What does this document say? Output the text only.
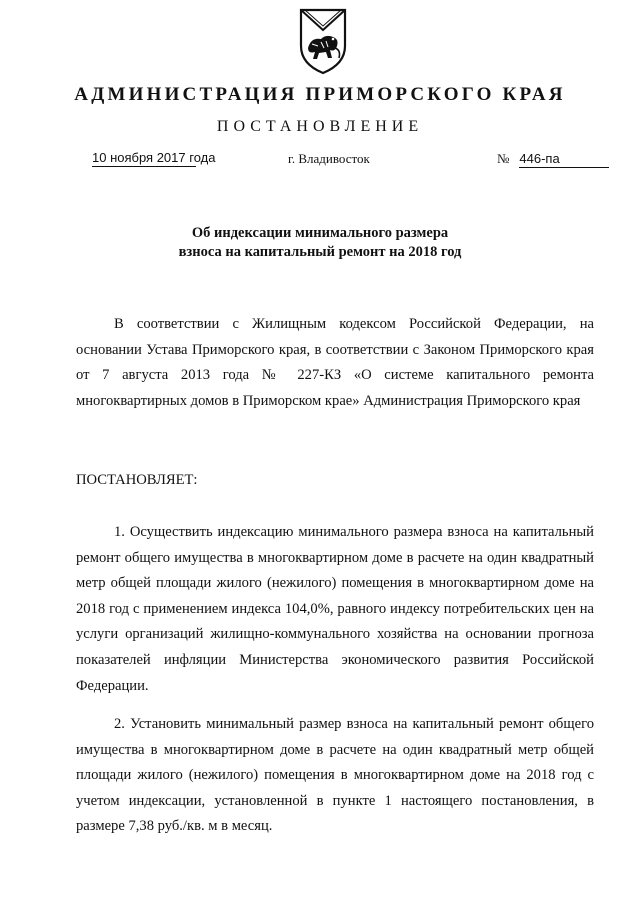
АДМИНИСТРАЦИЯ ПРИМОРСКОГО КРАЯ
ПОСТАНОВЛЕНИЕ
10 ноября 2017 года	г. Владивосток	№ 446-па
Об индексации минимального размера
взноса на капитальный ремонт на 2018 год
В соответствии с Жилищным кодексом Российской Федерации, на основании Устава Приморского края, в соответствии с Законом Приморского края от 7 августа 2013 года № 227-КЗ «О системе капитального ремонта многоквартирных домов в Приморском крае» Администрация Приморского края
ПОСТАНОВЛЯЕТ:
1. Осуществить индексацию минимального размера взноса на капитальный ремонт общего имущества в многоквартирном доме в расчете на один квадратный метр общей площади жилого (нежилого) помещения в многоквартирном доме на 2018 год с применением индекса 104,0%, равного индексу потребительских цен на услуги организаций жилищно-коммунального хозяйства на основании прогноза показателей инфляции Министерства экономического развития Российской Федерации.
2. Установить минимальный размер взноса на капитальный ремонт общего имущества в многоквартирном доме в расчете на один квадратный метр общей площади жилого (нежилого) помещения в многоквартирном доме на 2018 год с учетом индексации, установленной в пункте 1 настоящего постановления, в размере 7,38 руб./кв. м в месяц.
